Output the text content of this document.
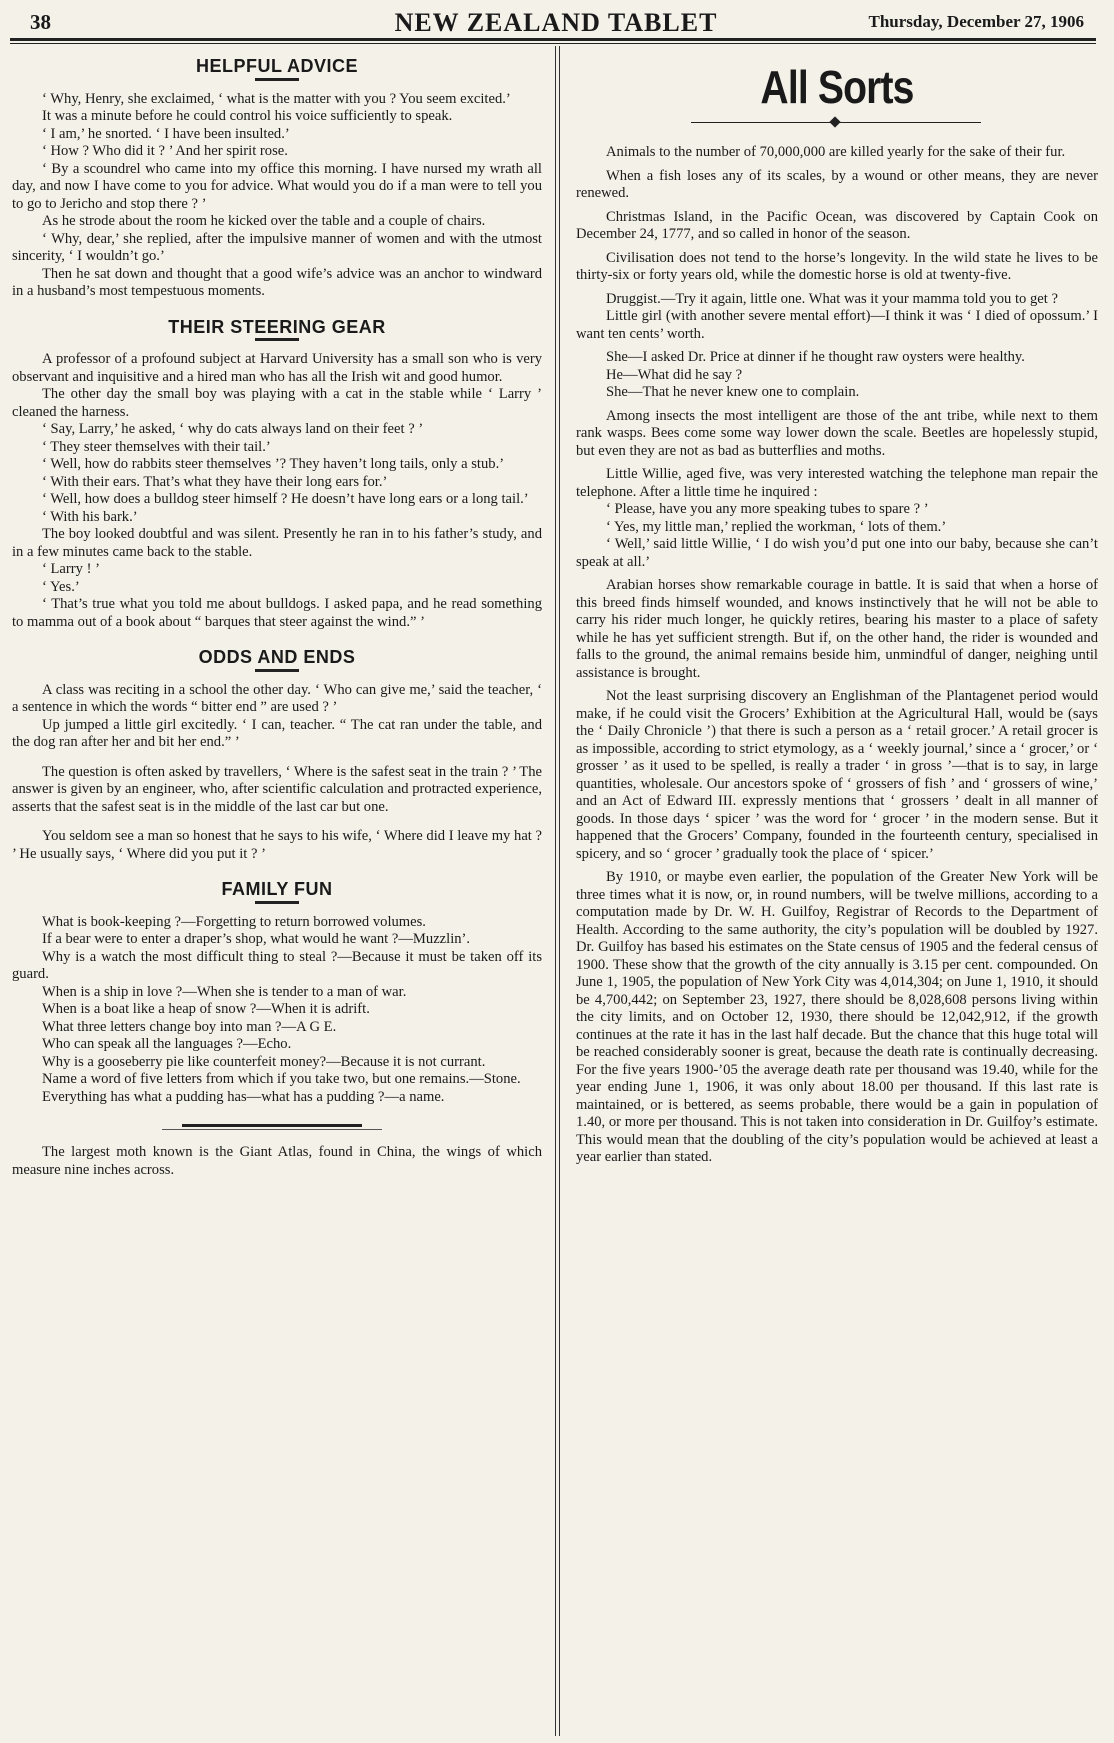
38	NEW ZEALAND TABLET	Thursday, December 27, 1906
HELPFUL ADVICE

‘ Why, Henry, she exclaimed, ‘ what is the matter with you ? You seem excited.’

It was a minute before he could control his voice sufficiently to speak.

‘ I am,’ he snorted. ‘ I have been insulted.’

‘ How ? Who did it ? ’ And her spirit rose.

‘ By a scoundrel who came into my office this morning. I have nursed my wrath all day, and now I have come to you for advice. What would you do if a man were to tell you to go to Jericho and stop there ? ’

As he strode about the room he kicked over the table and a couple of chairs.

‘ Why, dear,’ she replied, after the impulsive manner of women and with the utmost sincerity, ‘ I wouldn’t go.’

Then he sat down and thought that a good wife’s advice was an anchor to windward in a husband’s most tempestuous moments.

THEIR STEERING GEAR

A professor of a profound subject at Harvard University has a small son who is very observant and inquisitive and a hired man who has all the Irish wit and good humor.

The other day the small boy was playing with a cat in the stable while ‘ Larry ’ cleaned the harness.

‘ Say, Larry,’ he asked, ‘ why do cats always land on their feet ? ’

‘ They steer themselves with their tail.’

‘ Well, how do rabbits steer themselves ’? They haven’t long tails, only a stub.’

‘ With their ears. That’s what they have their long ears for.’

‘ Well, how does a bulldog steer himself ? He doesn’t have long ears or a long tail.’

‘ With his bark.’

The boy looked doubtful and was silent. Presently he ran in to his father’s study, and in a few minutes came back to the stable.

‘ Larry ! ’

‘ Yes.’

‘ That’s true what you told me about bulldogs. I asked papa, and he read something to mamma out of a book about “ barques that steer against the wind.” ’

ODDS AND ENDS

A class was reciting in a school the other day. ‘ Who can give me,’ said the teacher, ‘ a sentence in which the words “ bitter end ” are used ? ’

Up jumped a little girl excitedly. ‘ I can, teacher. “ The cat ran under the table, and the dog ran after her and bit her end.” ’

The question is often asked by travellers, ‘ Where is the safest seat in the train ? ’ The answer is given by an engineer, who, after scientific calculation and protracted experience, asserts that the safest seat is in the middle of the last car but one.

You seldom see a man so honest that he says to his wife, ‘ Where did I leave my hat ? ’ He usually says, ‘ Where did you put it ? ’

FAMILY FUN

What is book-keeping ?—Forgetting to return borrowed volumes.

If a bear were to enter a draper’s shop, what would he want ?—Muzzlin’.

Why is a watch the most difficult thing to steal ?—Because it must be taken off its guard.

When is a ship in love ?—When she is tender to a man of war.

When is a boat like a heap of snow ?—When it is adrift.

What three letters change boy into man ?—A G E.

Who can speak all the languages ?—Echo.

Why is a gooseberry pie like counterfeit money?—Because it is not currant.

Name a word of five letters from which if you take two, but one remains.—Stone.

Everything has what a pudding has—what has a pudding ?—a name.

The largest moth known is the Giant Atlas, found in China, the wings of which measure nine inches across.

All Sorts

Animals to the number of 70,000,000 are killed yearly for the sake of their fur.

When a fish loses any of its scales, by a wound or other means, they are never renewed.

Christmas Island, in the Pacific Ocean, was discovered by Captain Cook on December 24, 1777, and so called in honor of the season.

Civilisation does not tend to the horse’s longevity. In the wild state he lives to be thirty-six or forty years old, while the domestic horse is old at twenty-five.

Druggist.—Try it again, little one. What was it your mamma told you to get ?

Little girl (with another severe mental effort)—I think it was ‘ I died of opossum.’ I want ten cents’ worth.

She—I asked Dr. Price at dinner if he thought raw oysters were healthy.

He—What did he say ?

She—That he never knew one to complain.

Among insects the most intelligent are those of the ant tribe, while next to them rank wasps. Bees come some way lower down the scale. Beetles are hopelessly stupid, but even they are not as bad as butterflies and moths.

Little Willie, aged five, was very interested watching the telephone man repair the telephone. After a little time he inquired :

‘ Please, have you any more speaking tubes to spare ? ’

‘ Yes, my little man,’ replied the workman, ‘ lots of them.’

‘ Well,’ said little Willie, ‘ I do wish you’d put one into our baby, because she can’t speak at all.’

Arabian horses show remarkable courage in battle. It is said that when a horse of this breed finds himself wounded, and knows instinctively that he will not be able to carry his rider much longer, he quickly retires, bearing his master to a place of safety while he has yet sufficient strength. But if, on the other hand, the rider is wounded and falls to the ground, the animal remains beside him, unmindful of danger, neighing until assistance is brought.

Not the least surprising discovery an Englishman of the Plantagenet period would make, if he could visit the Grocers’ Exhibition at the Agricultural Hall, would be (says the ‘ Daily Chronicle ’) that there is such a person as a ‘ retail grocer.’ A retail grocer is as impossible, according to strict etymology, as a ‘ weekly journal,’ since a ‘ grocer,’ or ‘ grosser ’ as it used to be spelled, is really a trader ‘ in gross ’—that is to say, in large quantities, wholesale. Our ancestors spoke of ‘ grossers of fish ’ and ‘ grossers of wine,’ and an Act of Edward III. expressly mentions that ‘ grossers ’ dealt in all manner of goods. In those days ‘ spicer ’ was the word for ‘ grocer ’ in the modern sense. But it happened that the Grocers’ Company, founded in the fourteenth century, specialised in spicery, and so ‘ grocer ’ gradually took the place of ‘ spicer.’

By 1910, or maybe even earlier, the population of the Greater New York will be three times what it is now, or, in round numbers, will be twelve millions, according to a computation made by Dr. W. H. Guilfoy, Registrar of Records to the Department of Health. According to the same authority, the city’s population will be doubled by 1927. Dr. Guilfoy has based his estimates on the State census of 1905 and the federal census of 1900. These show that the growth of the city annually is 3.15 per cent. compounded. On June 1, 1905, the population of New York City was 4,014,304; on June 1, 1910, it should be 4,700,442; on September 23, 1927, there should be 8,028,608 persons living within the city limits, and on October 12, 1930, there should be 12,042,912, if the growth continues at the rate it has in the last half decade. But the chance that this huge total will be reached considerably sooner is great, because the death rate is continually decreasing. For the five years 1900-’05 the average death rate per thousand was 19.40, while for the year ending June 1, 1906, it was only about 18.00 per thousand. If this last rate is maintained, or is bettered, as seems probable, there would be a gain in population of 1.40, or more per thousand. This is not taken into consideration in Dr. Guilfoy’s estimate. This would mean that the doubling of the city’s population would be achieved at least a year earlier than stated.
